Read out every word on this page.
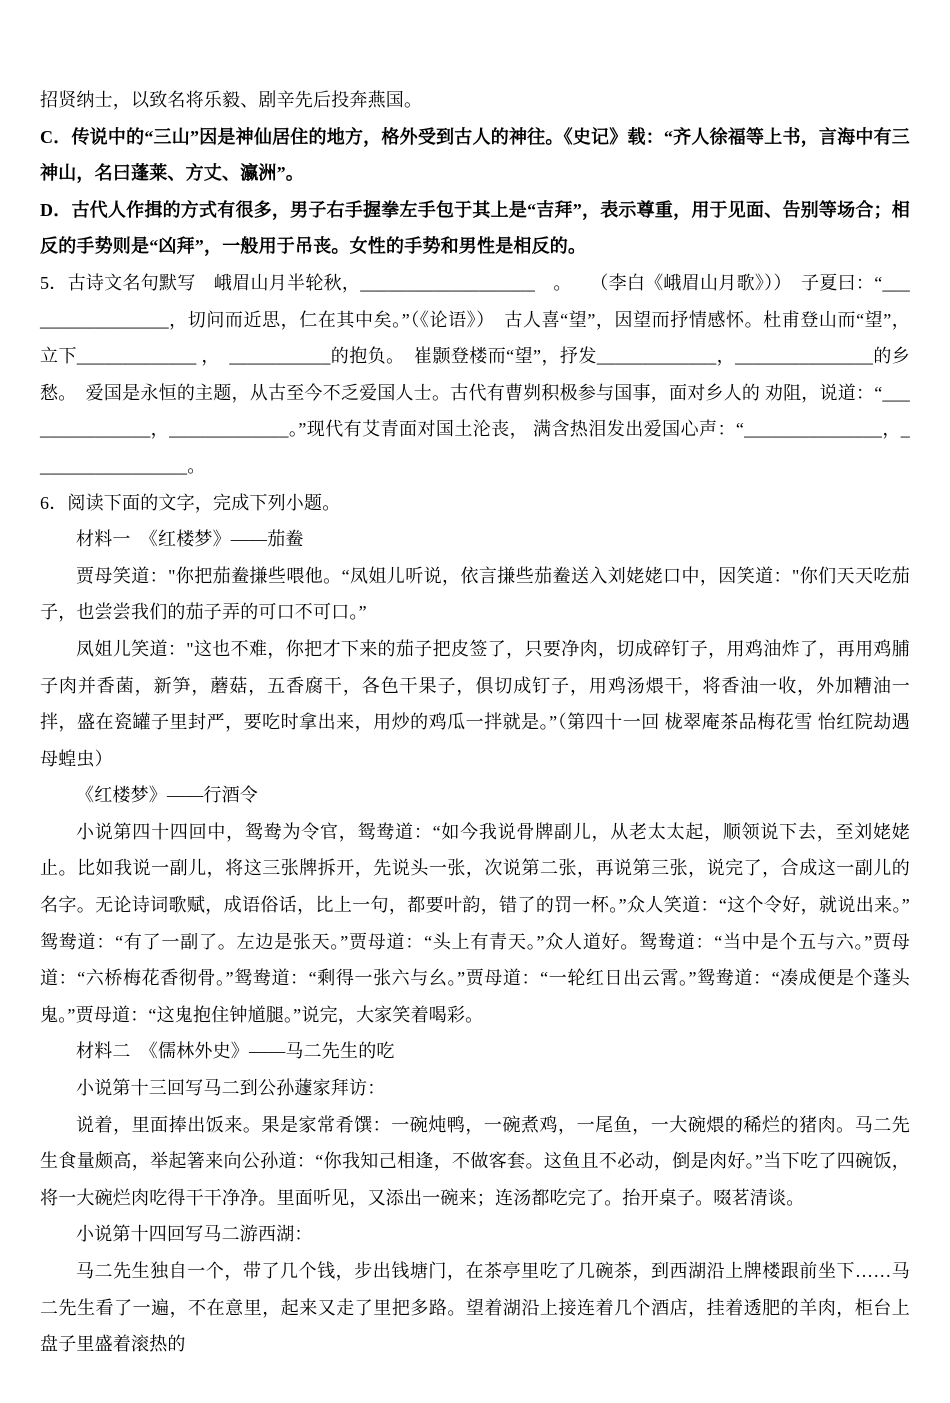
招贤纳士，以致名将乐毅、剧辛先后投奔燕国。

C．传说中的“三山”因是神仙居住的地方，格外受到古人的神往。《史记》载：“齐人徐福等上书，言海中有三神山，名曰蓬莱、方丈、瀛洲”。

D．古代人作揖的方式有很多，男子右手握拳左手包于其上是“吉拜”，表示尊重，用于见面、告别等场合；相反的手势则是“凶拜”，一般用于吊丧。女性的手势和男性是相反的。

5．古诗文名句默写　峨眉山月半轮秋，___________________　。　　（李白《峨眉山月歌》））　子夏曰：“_________________，切问而近思，仁在其中矣。”（《论语》）　古人喜“望”，因望而抒情感怀。杜甫登山而“望”，立下_____________ ，　___________的抱负。　崔颢登楼而“望”，抒发_____________，_______________的乡愁。　爱国是永恒的主题，从古至今不乏爱国人士。古代有曹刿积极参与国事，面对乡人的 劝阻，说道：“_______________，_____________。”现代有艾青面对国土沦丧， 满含热泪发出爱国心声：“_______________，_________________。

6．阅读下面的文字，完成下列小题。

材料一　《红楼梦》——茄鲞

贾母笑道："你把茄鲞搛些喂他。“凤姐儿听说，依言搛些茄鲞送入刘姥姥口中，因笑道："你们天天吃茄子，也尝尝我们的茄子弄的可口不可口。”

凤姐儿笑道："这也不难，你把才下来的茄子把皮签了，只要净肉，切成碎钉子，用鸡油炸了，再用鸡脯子肉并香菌，新笋，蘑菇，五香腐干，各色干果子，俱切成钉子，用鸡汤煨干，将香油一收，外加糟油一拌，盛在瓷罐子里封严，要吃时拿出来，用炒的鸡瓜一拌就是。”（第四十一回 栊翠庵茶品梅花雪 怡红院劫遇母蝗虫）

《红楼梦》——行酒令

小说第四十四回中，鸳鸯为令官，鸳鸯道：“如今我说骨牌副儿，从老太太起，顺领说下去，至刘姥姥止。比如我说一副儿，将这三张牌拆开，先说头一张，次说第二张，再说第三张，说完了，合成这一副儿的名字。无论诗词歌赋，成语俗话，比上一句，都要叶韵，错了的罚一杯。”众人笑道：“这个令好，就说出来。”鸳鸯道：“有了一副了。左边是张天。”贾母道：“头上有青天。”众人道好。鸳鸯道：“当中是个五与六。”贾母道：“六桥梅花香彻骨。”鸳鸯道：“剩得一张六与幺。”贾母道：“一轮红日出云霄。”鸳鸯道：“凑成便是个蓬头鬼。”贾母道：“这鬼抱住钟馗腿。”说完，大家笑着喝彩。

材料二　《儒林外史》——马二先生的吃

小说第十三回写马二到公孙蘧家拜访：

说着，里面捧出饭来。果是家常肴馔：一碗炖鸭，一碗煮鸡，一尾鱼，一大碗煨的稀烂的猪肉。马二先生食量颇高，举起箸来向公孙道：“你我知己相逢，不做客套。这鱼且不必动，倒是肉好。”当下吃了四碗饭，将一大碗烂肉吃得干干净净。里面听见，又添出一碗来；连汤都吃完了。抬开桌子。啜茗清谈。

小说第十四回写马二游西湖：

马二先生独自一个，带了几个钱，步出钱塘门，在茶亭里吃了几碗茶，到西湖沿上牌楼跟前坐下……马二先生看了一遍，不在意里，起来又走了里把多路。望着湖沿上接连着几个酒店，挂着透肥的羊肉，柜台上盘子里盛着滚热的
